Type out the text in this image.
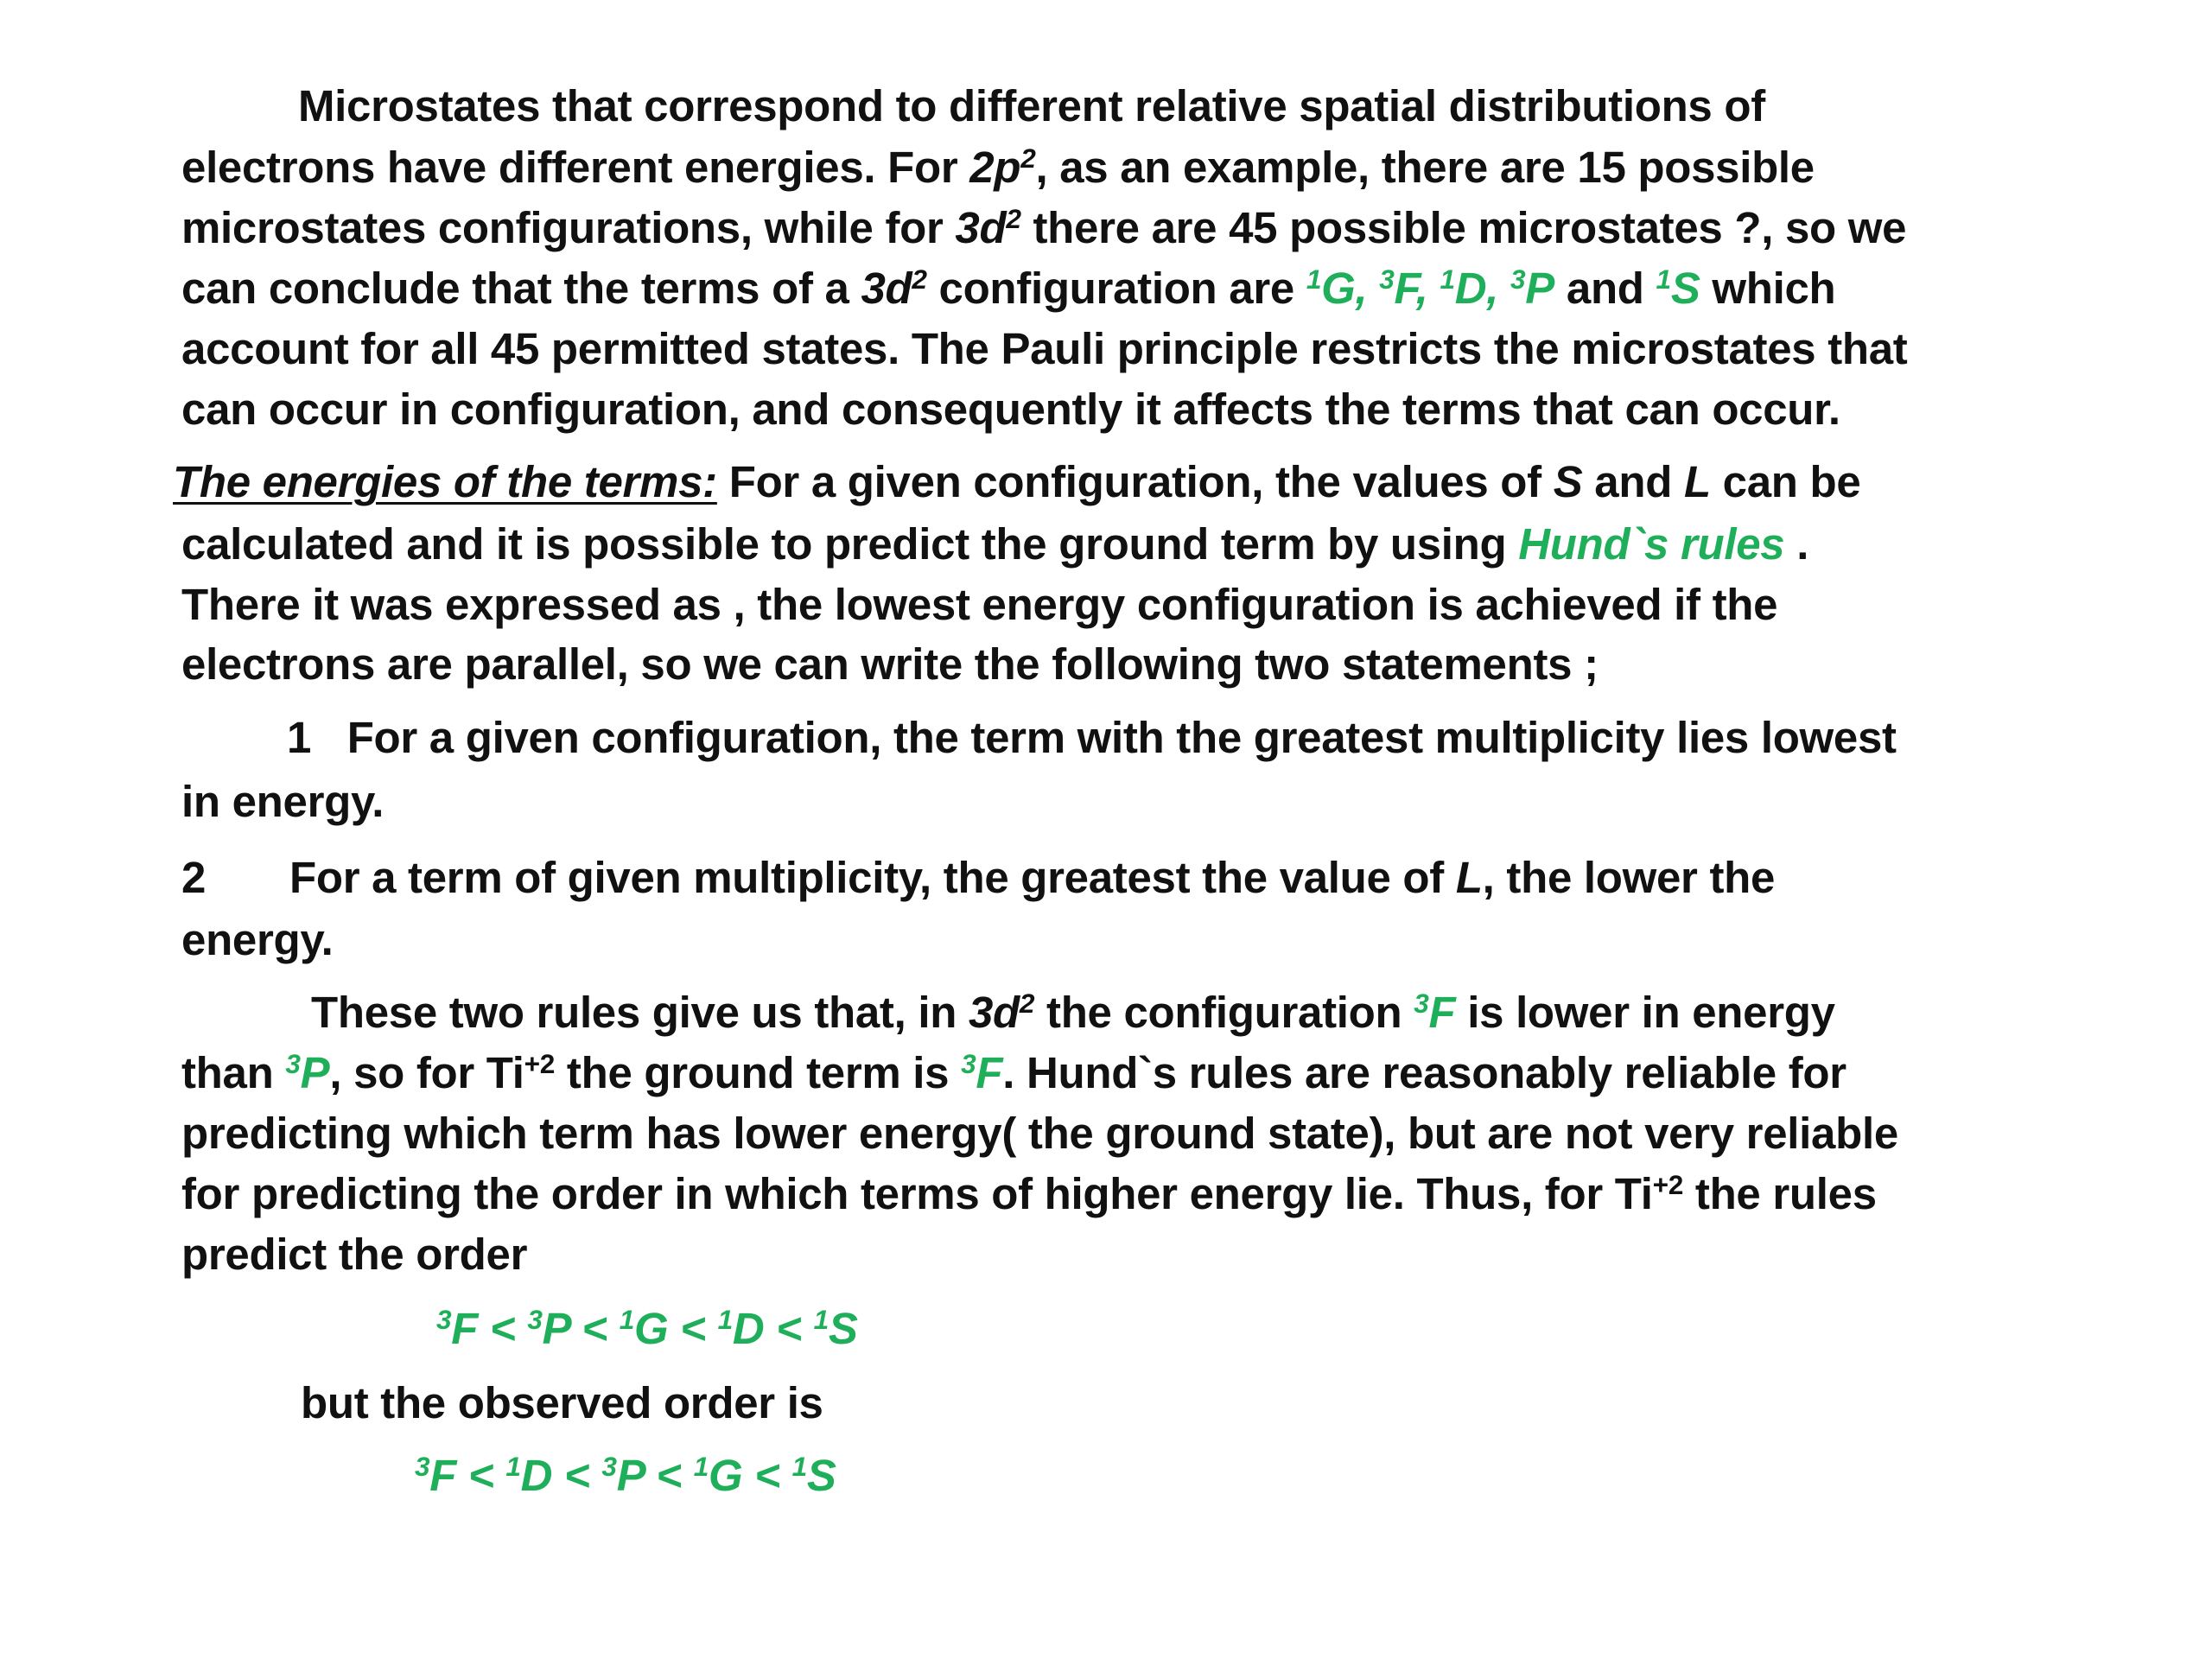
Microstates that correspond to different relative spatial distributions of
electrons have different energies. For $2p^2$, as an example, there are 15 possible
microstates configurations, while for $3d^2$ there are 45 possible microstates ?, so we
can conclude that the terms of a $3d^2$ configuration are $^1$G, $^3$F, $^1$D, $^3$P and $^1$S which
account for all 45 permitted states. The Pauli principle restricts the microstates that
can occur in configuration, and consequently it affects the terms that can occur.
The energies of the terms: For a given configuration, the values of S and L can be
calculated and it is possible to predict the ground term by using Hund`s rules .
There it was expressed as , the lowest energy configuration is achieved if the
electrons are parallel, so we can write the following two statements ;
1 For a given configuration, the term with the greatest multiplicity lies lowest
in energy.
2 For a term of given multiplicity, the greatest the value of L, the lower the
energy.
These two rules give us that, in $3d^2$ the configuration $^3$F is lower in energy
than $^3$P, so for $Ti^{+2}$ the ground term is $^3$F. Hund`s rules are reasonably reliable for
predicting which term has lower energy( the ground state), but are not very reliable
for predicting the order in which terms of higher energy lie. Thus, for $Ti^{+2}$ the rules
predict the order
$^3$F < $^3$P < $^1$G < $^1$D < $^1$S
but the observed order is
$^3$F < $^1$D < $^3$P < $^1$G < $^1$S
